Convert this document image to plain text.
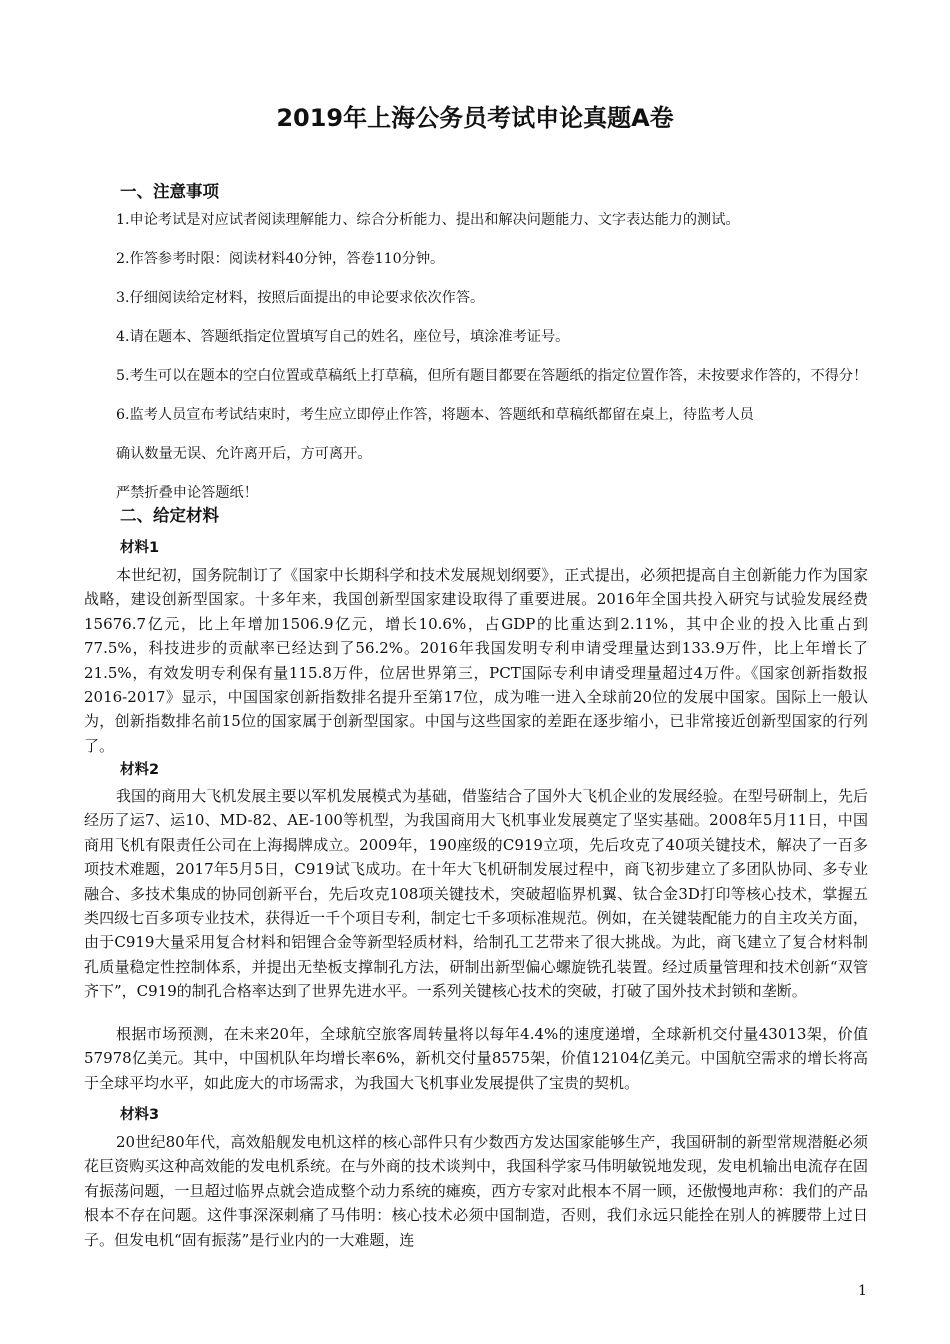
2019年上海公务员考试申论真题A卷
一、注意事项

1.申论考试是对应试者阅读理解能力、综合分析能力、提出和解决问题能力、文字表达能力的测试。

2.作答参考时限：阅读材料40分钟，答卷110分钟。

3.仔细阅读给定材料，按照后面提出的申论要求依次作答。

4.请在题本、答题纸指定位置填写自己的姓名，座位号，填涂准考证号。

5.考生可以在题本的空白位置或草稿纸上打草稿，但所有题目都要在答题纸的指定位置作答，未按要求作答的，不得分！

6.监考人员宣布考试结束时，考生应立即停止作答，将题本、答题纸和草稿纸都留在桌上，待监考人员

确认数量无误、允许离开后，方可离开。

严禁折叠申论答题纸！

二、给定材料
材料1

本世纪初，国务院制订了《国家中长期科学和技术发展规划纲要》，正式提出，必须把提高自主创新能力作为国家战略，建设创新型国家。十多年来，我国创新型国家建设取得了重要进展。2016年全国共投入研究与试验发展经费15676.7亿元，比上年增加1506.9亿元，增长10.6%，占GDP的比重达到2.11%，其中企业的投入比重占到77.5%，科技进步的贡献率已经达到了56.2%。2016年我国发明专利申请受理量达到133.9万件，比上年增长了21.5%，有效发明专利保有量115.8万件，位居世界第三，PCT国际专利申请受理量超过4万件。《国家创新指数报2016-2017》显示，中国国家创新指数排名提升至第17位，成为唯一进入全球前20位的发展中国家。国际上一般认为，创新指数排名前15位的国家属于创新型国家。中国与这些国家的差距在逐步缩小，已非常接近创新型国家的行列了。

材料2

我国的商用大飞机发展主要以军机发展模式为基础，借鉴结合了国外大飞机企业的发展经验。在型号研制上，先后经历了运7、运10、MD-82、AE-100等机型，为我国商用大飞机事业发展奠定了坚实基础。2008年5月11日，中国商用飞机有限责任公司在上海揭牌成立。2009年，190座级的C919立项，先后攻克了40项关键技术，解决了一百多项技术难题，2017年5月5日，C919试飞成功。在十年大飞机研制发展过程中，商飞初步建立了多团队协同、多专业融合、多技术集成的协同创新平台，先后攻克108项关键技术，突破超临界机翼、钛合金3D打印等核心技术，掌握五类四级七百多项专业技术，获得近一千个项目专利，制定七千多项标准规范。例如，在关键装配能力的自主攻关方面，由于C919大量采用复合材料和铝锂合金等新型轻质材料，给制孔工艺带来了很大挑战。为此，商飞建立了复合材料制孔质量稳定性控制体系，并提出无垫板支撑制孔方法，研制出新型偏心螺旋铣孔装置。经过质量管理和技术创新“双管齐下”，C919的制孔合格率达到了世界先进水平。一系列关键核心技术的突破，打破了国外技术封锁和垄断。

根据市场预测，在未来20年，全球航空旅客周转量将以每年4.4%的速度递增，全球新机交付量43013架，价值57978亿美元。其中，中国机队年均增长率6%，新机交付量8575架，价值12104亿美元。中国航空需求的增长将高于全球平均水平，如此庞大的市场需求，为我国大飞机事业发展提供了宝贵的契机。

材料3

20世纪80年代，高效船舰发电机这样的核心部件只有少数西方发达国家能够生产，我国研制的新型常规潜艇必须花巨资购买这种高效能的发电机系统。在与外商的技术谈判中，我国科学家马伟明敏锐地发现，发电机输出电流存在固有振荡问题，一旦超过临界点就会造成整个动力系统的瘫痪，西方专家对此根本不屑一顾，还傲慢地声称：我们的产品根本不存在问题。这件事深深刺痛了马伟明：核心技术必须中国制造，否则，我们永远只能拴在别人的裤腰带上过日子。但发电机“固有振荡”是行业内的一大难题，连

1
